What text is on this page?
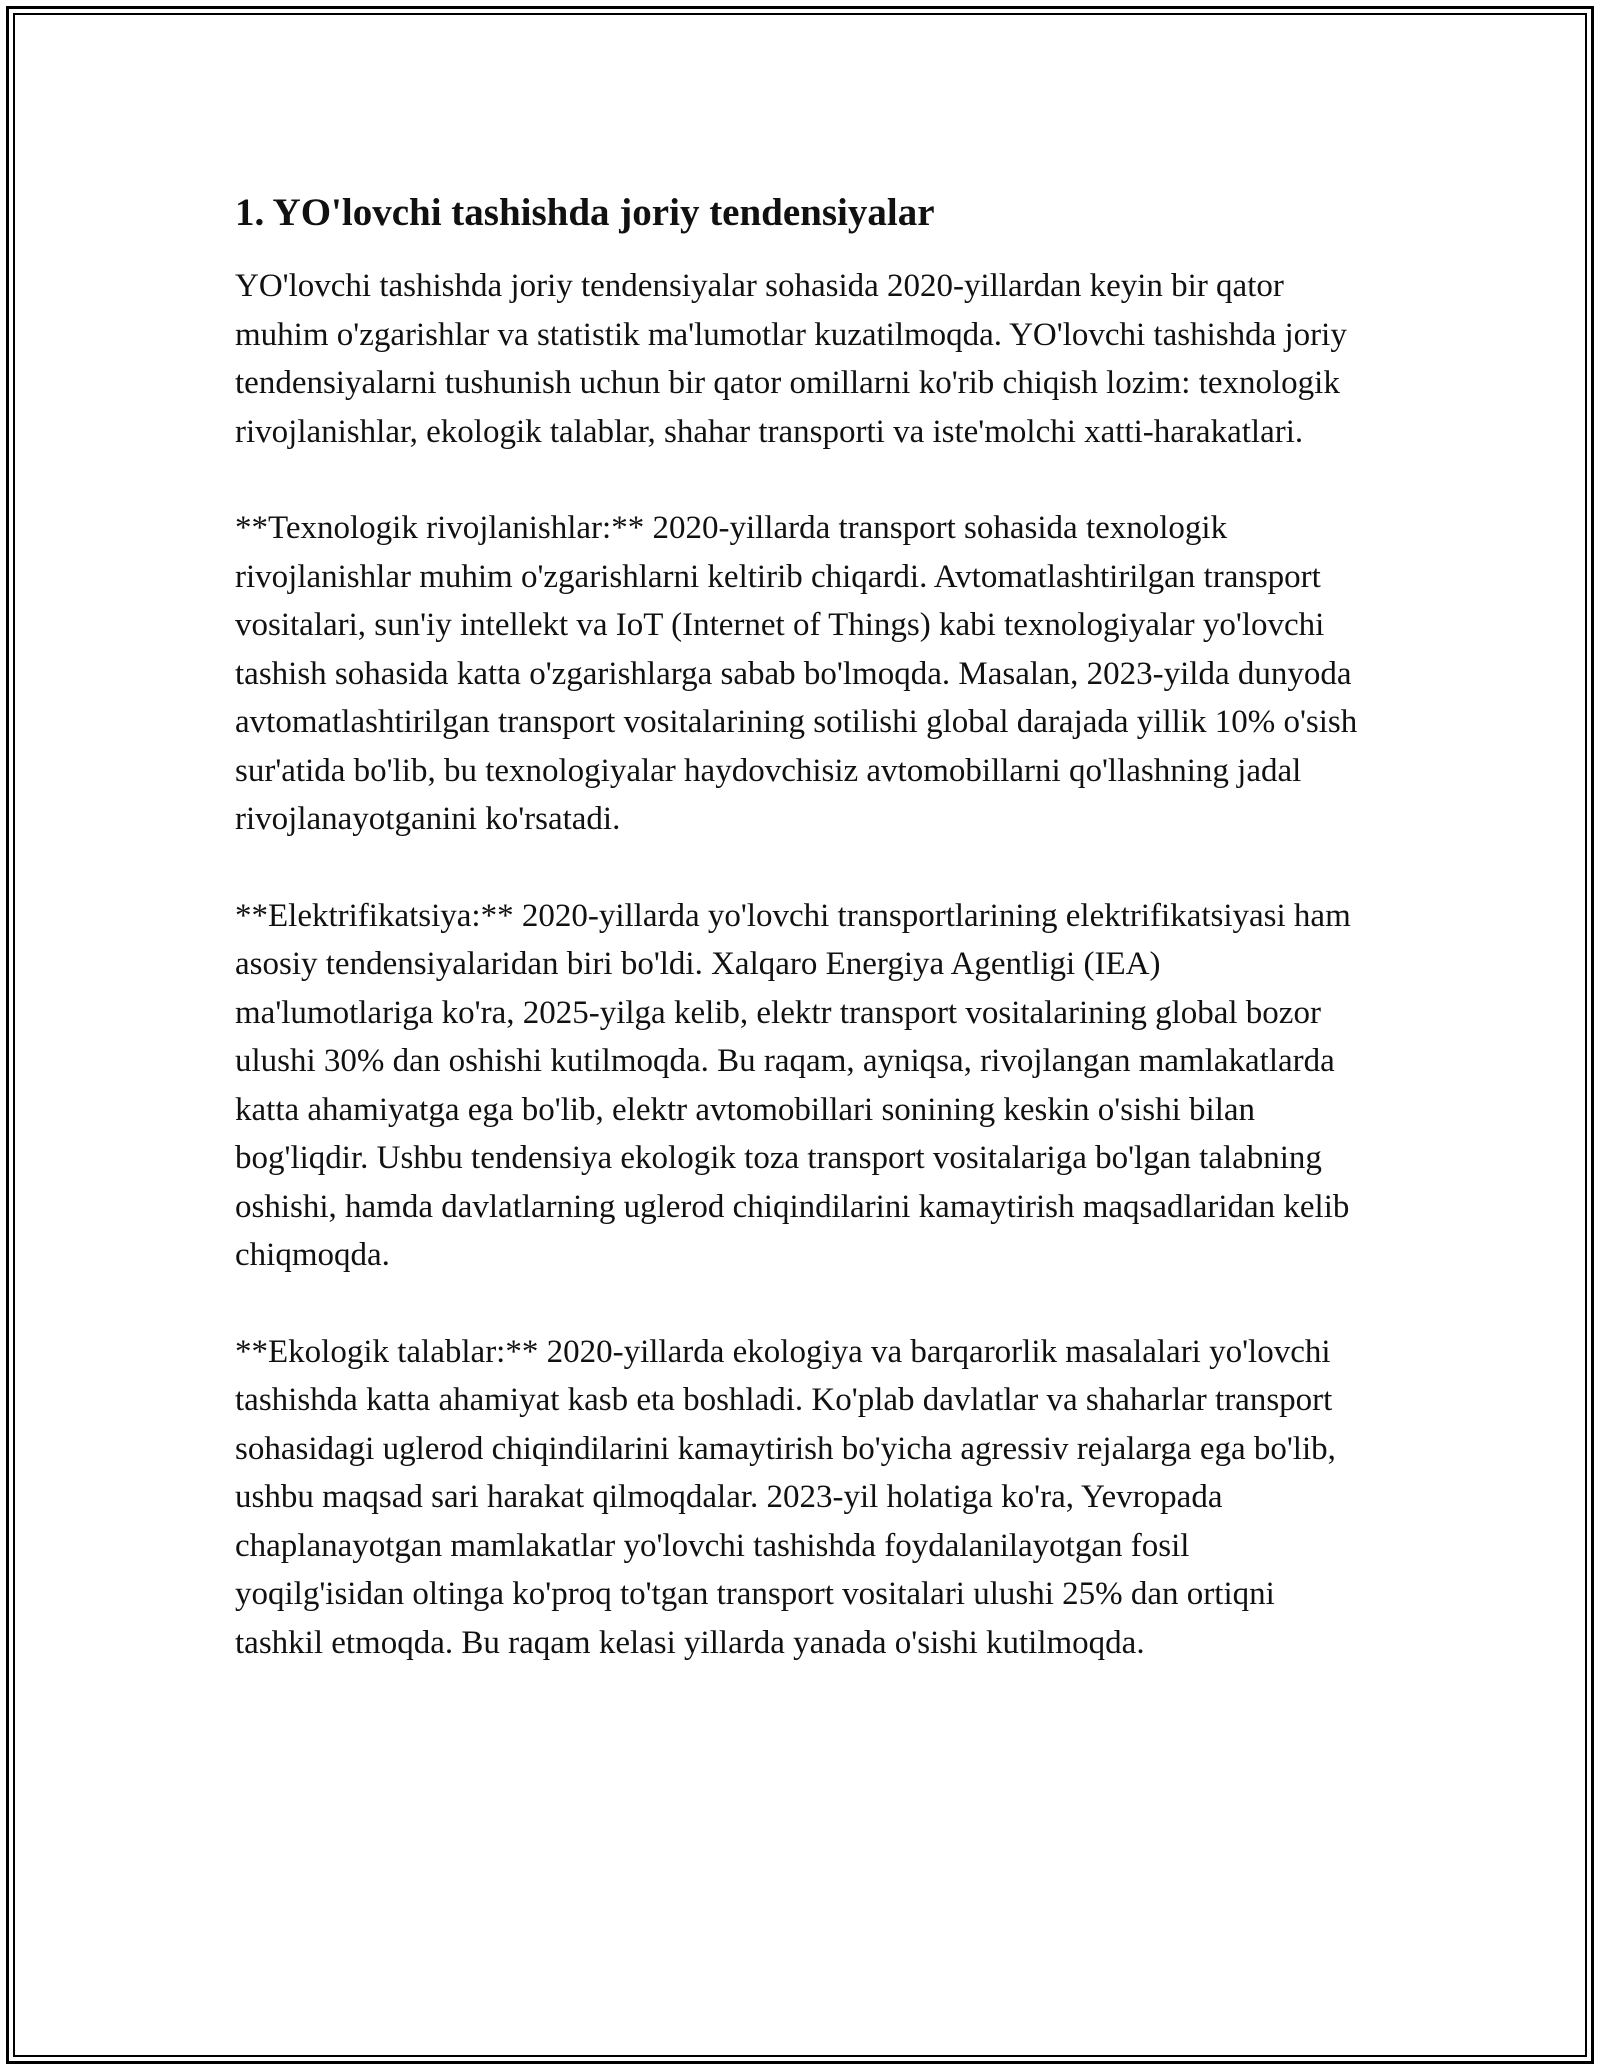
1. YO'lovchi tashishda joriy tendensiyalar

YO'lovchi tashishda joriy tendensiyalar sohasida 2020-yillardan keyin bir qator muhim o'zgarishlar va statistik ma'lumotlar kuzatilmoqda. YO'lovchi tashishda joriy tendensiyalarni tushunish uchun bir qator omillarni ko'rib chiqish lozim: texnologik rivojlanishlar, ekologik talablar, shahar transporti va iste'molchi xatti-harakatlari.

**Texnologik rivojlanishlar:** 2020-yillarda transport sohasida texnologik rivojlanishlar muhim o'zgarishlarni keltirib chiqardi. Avtomatlashtirilgan transport vositalari, sun'iy intellekt va IoT (Internet of Things) kabi texnologiyalar yo'lovchi tashish sohasida katta o'zgarishlarga sabab bo'lmoqda. Masalan, 2023-yilda dunyoda avtomatlashtirilgan transport vositalarining sotilishi global darajada yillik 10% o'sish sur'atida bo'lib, bu texnologiyalar haydovchisiz avtomobillarni qo'llashning jadal rivojlanayotganini ko'rsatadi.

**Elektrifikatsiya:** 2020-yillarda yo'lovchi transportlarining elektrifikatsiyasi ham asosiy tendensiyalaridan biri bo'ldi. Xalqaro Energiya Agentligi (IEA) ma'lumotlariga ko'ra, 2025-yilga kelib, elektr transport vositalarining global bozor ulushi 30% dan oshishi kutilmoqda. Bu raqam, ayniqsa, rivojlangan mamlakatlarda katta ahamiyatga ega bo'lib, elektr avtomobillari sonining keskin o'sishi bilan bog'liqdir. Ushbu tendensiya ekologik toza transport vositalariga bo'lgan talabning oshishi, hamda davlatlarning uglerod chiqindilarini kamaytirish maqsadlaridan kelib chiqmoqda.

**Ekologik talablar:** 2020-yillarda ekologiya va barqarorlik masalalari yo'lovchi tashishda katta ahamiyat kasb eta boshladi. Ko'plab davlatlar va shaharlar transport sohasidagi uglerod chiqindilarini kamaytirish bo'yicha agressiv rejalarga ega bo'lib, ushbu maqsad sari harakat qilmoqdalar. 2023-yil holatiga ko'ra, Yevropada chaplanayotgan mamlakatlar yo'lovchi tashishda foydalanilayotgan fosil yoqilg'isidan oltinga ko'proq to'tgan transport vositalari ulushi 25% dan ortiqni tashkil etmoqda. Bu raqam kelasi yillarda yanada o'sishi kutilmoqda.
